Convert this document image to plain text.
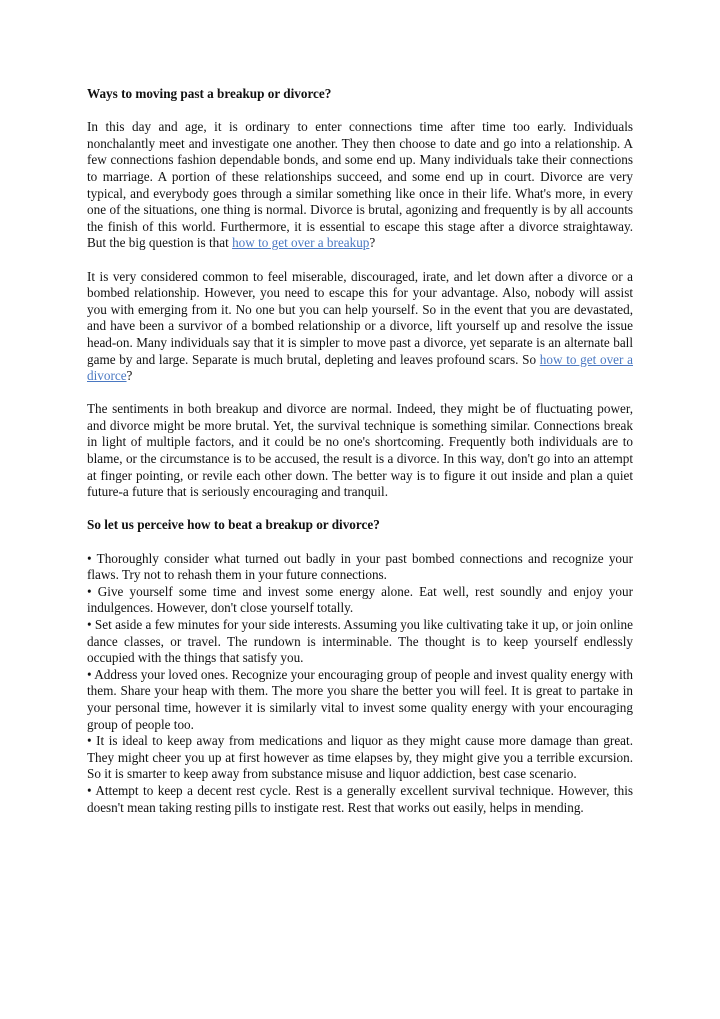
Ways to moving past a breakup or divorce?

In this day and age, it is ordinary to enter connections time after time too early. Individuals nonchalantly meet and investigate one another. They then choose to date and go into a relationship. A few connections fashion dependable bonds, and some end up. Many individuals take their connections to marriage. A portion of these relationships succeed, and some end up in court. Divorce are very typical, and everybody goes through a similar something like once in their life. What's more, in every one of the situations, one thing is normal. Divorce is brutal, agonizing and frequently is by all accounts the finish of this world. Furthermore, it is essential to escape this stage after a divorce straightaway. But the big question is that how to get over a breakup?

It is very considered common to feel miserable, discouraged, irate, and let down after a divorce or a bombed relationship. However, you need to escape this for your advantage. Also, nobody will assist you with emerging from it. No one but you can help yourself. So in the event that you are devastated, and have been a survivor of a bombed relationship or a divorce, lift yourself up and resolve the issue head-on. Many individuals say that it is simpler to move past a divorce, yet separate is an alternate ball game by and large. Separate is much brutal, depleting and leaves profound scars. So how to get over a divorce?

The sentiments in both breakup and divorce are normal. Indeed, they might be of fluctuating power, and divorce might be more brutal. Yet, the survival technique is something similar. Connections break in light of multiple factors, and it could be no one's shortcoming. Frequently both individuals are to blame, or the circumstance is to be accused, the result is a divorce. In this way, don't go into an attempt at finger pointing, or revile each other down. The better way is to figure it out inside and plan a quiet future-a future that is seriously encouraging and tranquil.

So let us perceive how to beat a breakup or divorce?

• Thoroughly consider what turned out badly in your past bombed connections and recognize your flaws. Try not to rehash them in your future connections.
• Give yourself some time and invest some energy alone. Eat well, rest soundly and enjoy your indulgences. However, don't close yourself totally.
• Set aside a few minutes for your side interests. Assuming you like cultivating take it up, or join online dance classes, or travel. The rundown is interminable. The thought is to keep yourself endlessly occupied with the things that satisfy you.
• Address your loved ones. Recognize your encouraging group of people and invest quality energy with them. Share your heap with them. The more you share the better you will feel. It is great to partake in your personal time, however it is similarly vital to invest some quality energy with your encouraging group of people too.
• It is ideal to keep away from medications and liquor as they might cause more damage than great. They might cheer you up at first however as time elapses by, they might give you a terrible excursion. So it is smarter to keep away from substance misuse and liquor addiction, best case scenario.
• Attempt to keep a decent rest cycle. Rest is a generally excellent survival technique. However, this doesn't mean taking resting pills to instigate rest. Rest that works out easily, helps in mending.
